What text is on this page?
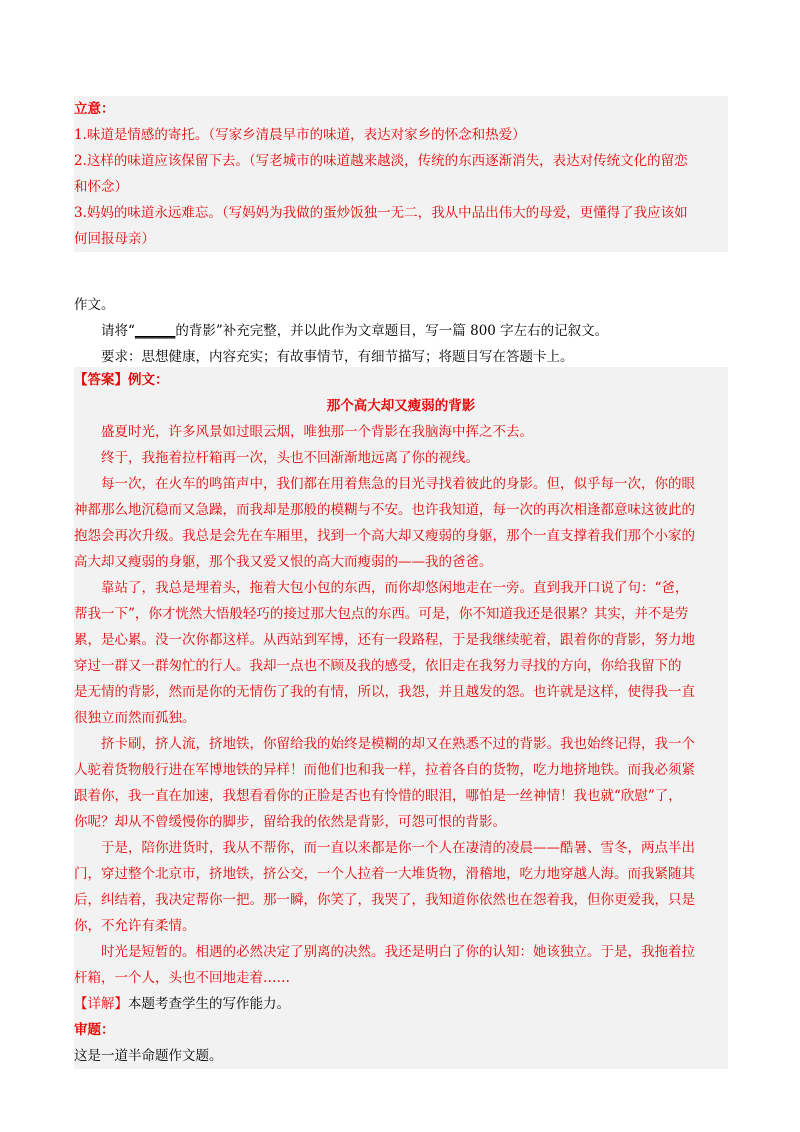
立意：

1.味道是情感的寄托。（写家乡清晨早市的味道，表达对家乡的怀念和热爱）

2.这样的味道应该保留下去。（写老城市的味道越来越淡，传统的东西逐渐消失，表达对传统文化的留恋

和怀念）

3.妈妈的味道永远难忘。（写妈妈为我做的蛋炒饭独一无二，我从中品出伟大的母爱，更懂得了我应该如

何回报母亲）

作文。

请将“______的背影”补充完整，并以此作为文章题目，写一篇 800 字左右的记叙文。

要求：思想健康，内容充实；有故事情节，有细节描写；将题目写在答题卡上。

【答案】例文：

那个高大却又瘦弱的背影

盛夏时光，许多风景如过眼云烟，唯独那一个背影在我脑海中挥之不去。

终于，我拖着拉杆箱再一次，头也不回渐渐地远离了你的视线。

每一次，在火车的鸣笛声中，我们都在用着焦急的目光寻找着彼此的身影。但，似乎每一次，你的眼

神都那么地沉稳而又急躁，而我却是那般的模糊与不安。也许我知道，每一次的再次相逢都意味这彼此的

抱怨会再次升级。我总是会先在车厢里，找到一个高大却又瘦弱的身躯，那个一直支撑着我们那个小家的

高大却又瘦弱的身躯，那个我又爱又恨的高大而瘦弱的——我的爸爸。

靠站了，我总是埋着头，拖着大包小包的东西，而你却悠闲地走在一旁。直到我开口说了句：“爸，

帮我一下”，你才恍然大悟般轻巧的接过那大包点的东西。可是，你不知道我还是很累？其实，并不是劳

累，是心累。没一次你都这样。从西站到军博，还有一段路程，于是我继续驼着，跟着你的背影，努力地

穿过一群又一群匆忙的行人。我却一点也不顾及我的感受，依旧走在我努力寻找的方向，你给我留下的

是无情的背影，然而是你的无情伤了我的有情，所以，我怨，并且越发的怨。也许就是这样，使得我一直

很独立而然而孤独。

挤卡刷，挤人流，挤地铁，你留给我的始终是模糊的却又在熟悉不过的背影。我也始终记得，我一个

人驼着货物般行进在军博地铁的异样！而他们也和我一样，拉着各自的货物，吃力地挤地铁。而我必须紧

跟着你，我一直在加速，我想看看你的正脸是否也有怜惜的眼泪，哪怕是一丝神情！我也就“欣慰”了，

你呢？却从不曾缓慢你的脚步，留给我的依然是背影，可怨可恨的背影。

于是，陪你进货时，我从不帮你，而一直以来都是你一个人在凄清的凌晨——酷暑、雪冬，两点半出

门，穿过整个北京市，挤地铁，挤公交，一个人拉着一大堆货物，滑稽地，吃力地穿越人海。而我紧随其

后，纠结着，我决定帮你一把。那一瞬，你笑了，我哭了，我知道你依然也在怨着我，但你更爱我，只是

你，不允许有柔情。

时光是短暂的。相遇的必然决定了别离的决然。我还是明白了你的认知：她该独立。于是，我拖着拉

杆箱，一个人，头也不回地走着……

【详解】本题考查学生的写作能力。

审题：

这是一道半命题作文题。
